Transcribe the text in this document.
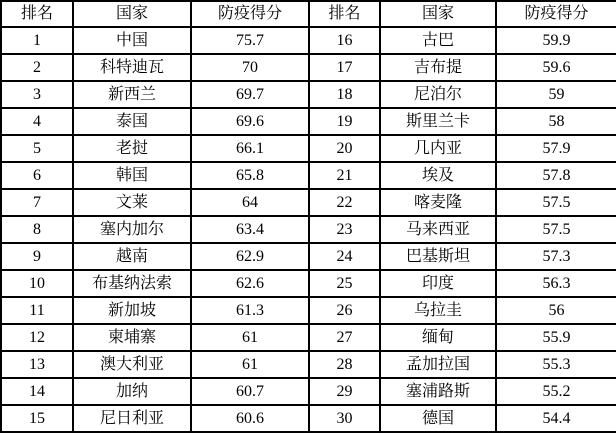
排名	国家	防疫得分	排名	国家	防疫得分
1	中国	75.7	16	古巴	59.9
2	科特迪瓦	70	17	吉布提	59.6
3	新西兰	69.7	18	尼泊尔	59
4	泰国	69.6	19	斯里兰卡	58
5	老挝	66.1	20	几内亚	57.9
6	韩国	65.8	21	埃及	57.8
7	文莱	64	22	喀麦隆	57.5
8	塞内加尔	63.4	23	马来西亚	57.5
9	越南	62.9	24	巴基斯坦	57.3
10	布基纳法索	62.6	25	印度	56.3
11	新加坡	61.3	26	乌拉圭	56
12	柬埔寨	61	27	缅甸	55.9
13	澳大利亚	61	28	孟加拉国	55.3
14	加纳	60.7	29	塞浦路斯	55.2
15	尼日利亚	60.6	30	德国	54.4
